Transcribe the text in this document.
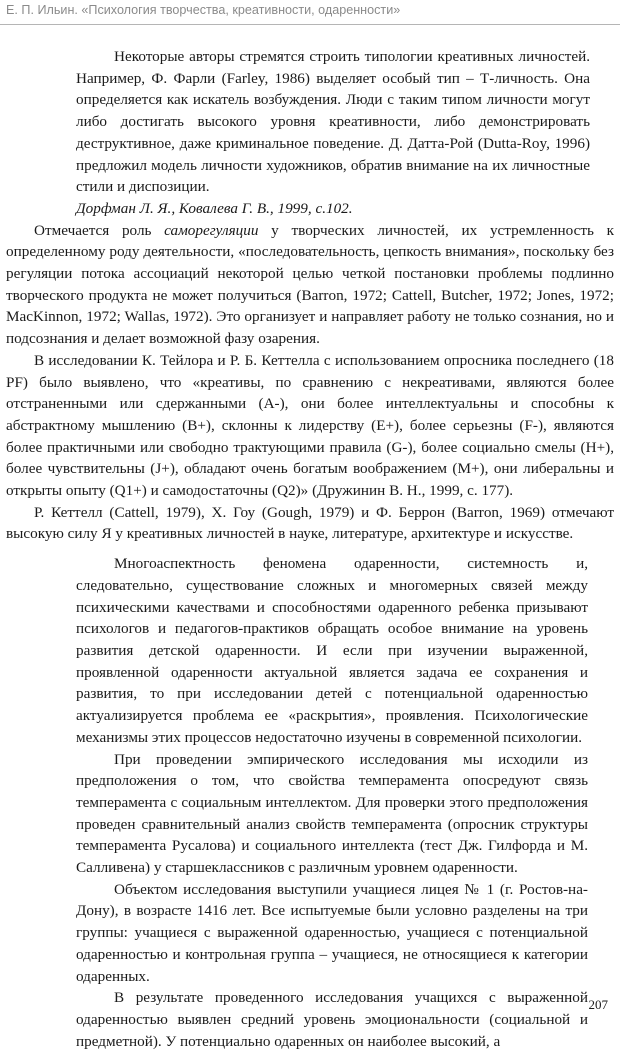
Е. П. Ильин. «Психология творчества, креативности, одаренности»

Некоторые авторы стремятся строить типологии креативных личностей. Например, Ф. Фарли (Farley, 1986) выделяет особый тип – Т-личность. Она определяется как искатель возбуждения. Люди с таким типом личности могут либо достигать высокого уровня креативности, либо демонстрировать деструктивное, даже криминальное поведение. Д. Датта-Рой (Dutta-Roy, 1996) предложил модель личности художников, обратив внимание на их личностные стили и диспозиции.

Дорфман Л. Я., Ковалева Г. В., 1999, с.102.

Отмечается роль саморегуляции у творческих личностей, их устремленность к определенному роду деятельности, «последовательность, цепкость внимания», поскольку без регуляции потока ассоциаций некоторой целью четкой постановки проблемы подлинно творческого продукта не может получиться (Barron, 1972; Cattell, Butcher, 1972; Jones, 1972; MacKinnon, 1972; Wallas, 1972). Это организует и направляет работу не только сознания, но и подсознания и делает возможной фазу озарения.

В исследовании К. Тейлора и Р. Б. Кеттелла с использованием опросника последнего (18 PF) было выявлено, что «креативы, по сравнению с некреативами, являются более отстраненными или сдержанными (A-), они более интеллектуальны и способны к абстрактному мышлению (B+), склонны к лидерству (E+), более серьезны (F-), являются более практичными или свободно трактующими правила (G-), более социально смелы (H+), более чувствительны (J+), обладают очень богатым воображением (M+), они либеральны и открыты опыту (Q1+) и самодостаточны (Q2)» (Дружинин В. Н., 1999, с. 177).

Р. Кеттелл (Cattell, 1979), Х. Гоу (Gough, 1979) и Ф. Беррон (Barron, 1969) отмечают высокую силу Я у креативных личностей в науке, литературе, архитектуре и искусстве.

Многоаспектность феномена одаренности, системность и, следовательно, существование сложных и многомерных связей между психическими качествами и способностями одаренного ребенка призывают психологов и педагогов-практиков обращать особое внимание на уровень развития детской одаренности. И если при изучении выраженной, проявленной одаренности актуальной является задача ее сохранения и развития, то при исследовании детей с потенциальной одаренностью актуализируется проблема ее «раскрытия», проявления. Психологические механизмы этих процессов недостаточно изучены в современной психологии.

При проведении эмпирического исследования мы исходили из предположения о том, что свойства темперамента опосредуют связь темперамента с социальным интеллектом. Для проверки этого предположения проведен сравнительный анализ свойств темперамента (опросник структуры темперамента Русалова) и социального интеллекта (тест Дж. Гилфорда и М. Салливена) у старшеклассников с различным уровнем одаренности.

Объектом исследования выступили учащиеся лицея № 1 (г. Ростов-на-Дону), в возрасте 1416 лет. Все испытуемые были условно разделены на три группы: учащиеся с выраженной одаренностью, учащиеся с потенциальной одаренностью и контрольная группа – учащиеся, не относящиеся к категории одаренных.

В результате проведенного исследования учащихся с выраженной одаренностью выявлен средний уровень эмоциональности (социальной и предметной). У потенциально одаренных он наиболее высокий, а

207
